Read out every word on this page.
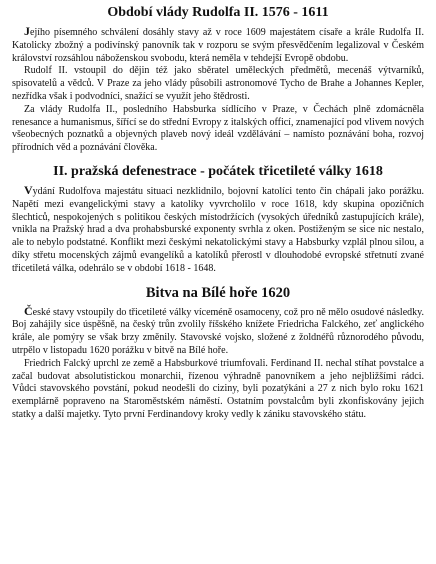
Období vlády Rudolfa II. 1576 - 1611

Jejího písemného schválení dosáhly stavy až v roce 1609 majestátem císaře a krále Rudolfa II. Katolicky zbožný a podivínský panovník tak v rozporu se svým přesvědčením legalizoval v Českém království rozsáhlou náboženskou svobodu, která neměla v tehdejší Evropě obdobu.

Rudolf II. vstoupil do dějin též jako sběratel uměleckých předmětů, mecenáš výtvarníků, spisovatelů a vědců. V Praze za jeho vlády působili astronomové Tycho de Brahe a Johannes Kepler, nezřídka však i podvodníci, snažící se využít jeho štědrosti.

Za vlády Rudolfa II., posledního Habsburka sídlícího v Praze, v Čechách plně zdomácněla renesance a humanismus, šířící se do střední Evropy z italských officí, znamenající pod vlivem nových všeobecných poznatků a objevných plaveb nový ideál vzdělávání – namísto poznávání boha, rozvoj přírodních věd a poznávání člověka.

II. pražská defenestrace - počátek třicetileté války 1618

Vydání Rudolfova majestátu situaci nezklidnilo, bojovní katolíci tento čin chápali jako porážku. Napětí mezi evangelickými stavy a katolíky vyvrcholilo v roce 1618, kdy skupina opozičních šlechticů, nespokojených s politikou českých místodržících (vysokých úředníků zastupujících krále), vnikla na Pražský hrad a dva prohabsburské exponenty svrhla z oken. Postiženým se sice nic nestalo, ale to nebylo podstatné. Konflikt mezi českými nekatolickými stavy a Habsburky vzplál plnou silou, a díky střetu mocenských zájmů evangelíků a katolíků přerostl v dlouhodobé evropské střetnutí zvané třicetiletá válka, odehrálo se v období 1618 - 1648.

Bitva na Bílé hoře 1620

České stavy vstoupily do třicetileté války víceméně osamoceny, což pro ně mělo osudové následky. Boj zahájily sice úspěšně, na český trůn zvolily říšského knížete Friedricha Falckého, zeť anglického krále, ale pomýry se však brzy změnily. Stavovské vojsko, složené z žoldnéřů různorodého původu, utrpělo v listopadu 1620 porážku v bitvě na Bílé hoře.

Friedrich Falcký uprchl ze země a Habsburkové triumfovali. Ferdinand II. nechal stíhat povstalce a začal budovat absolutistickou monarchii, řízenou výhradně panovníkem a jeho nejbližšími rádci. Vůdci stavovského povstání, pokud neodešli do ciziny, byli pozatýkáni a 27 z nich bylo roku 1621 exemplárně popraveno na Staroměstském náměstí. Ostatním povstalcům byli zkonfiskovány jejich statky a další majetky. Tyto první Ferdinandovy kroky vedly k zániku stavovského státu.
